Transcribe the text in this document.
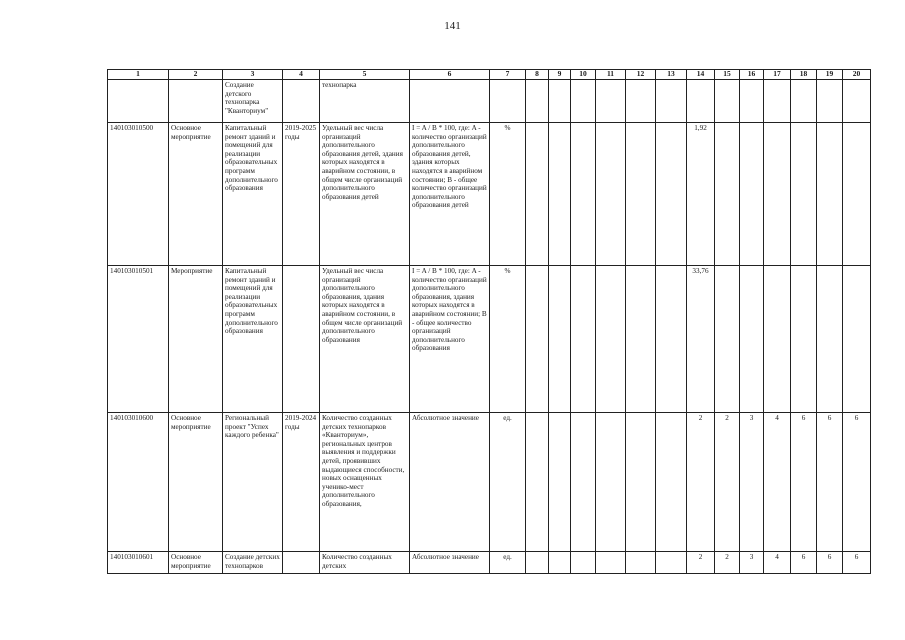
141
1	2	3	4	5	6	7	8	9	10	11	12	13	14	15	16	17	18	19	20
		Создание детского технопарка "Кванториум"		технопарка															
140103010500	Основное мероприятие	Капитальный ремонт зданий и помещений для реализации образовательных программ дополнительного образования	2019-2025 годы	Удельный вес числа организаций дополнительного образования детей, здания которых находятся в аварийном состоянии, в общем числе организаций дополнительного образования детей	I = A / B * 100, где: A - количество организаций дополнительного образования детей, здания которых находятся в аварийном состоянии; B - общее количество организаций дополнительного образования детей	%							1,92						
140103010501	Мероприятие	Капитальный ремонт зданий и помещений для реализации образовательных программ дополнительного образования		Удельный вес числа организаций дополнительного образования, здания которых находятся в аварийном состоянии, в общем числе организаций дополнительного образования	I = A / B * 100, где: A - количество организаций дополнительного образования, здания которых находятся в аварийном состоянии; B - общее количество организаций дополнительного образования	%							33,76						
140103010600	Основное мероприятие	Региональный проект "Успех каждого ребенка"	2019-2024 годы	Количество созданных детских технопарков «Кванториум», региональных центров выявления и поддержки детей, проявивших выдающиеся способности, новых оснащенных ученико-мест дополнительного образования,	Абсолютное значение	ед.							2	2	3	4	6	6	6
140103010601	Основное мероприятие	Создание детских технопарков		Количество созданных детских	Абсолютное значение	ед.							2	2	3	4	6	6	6
